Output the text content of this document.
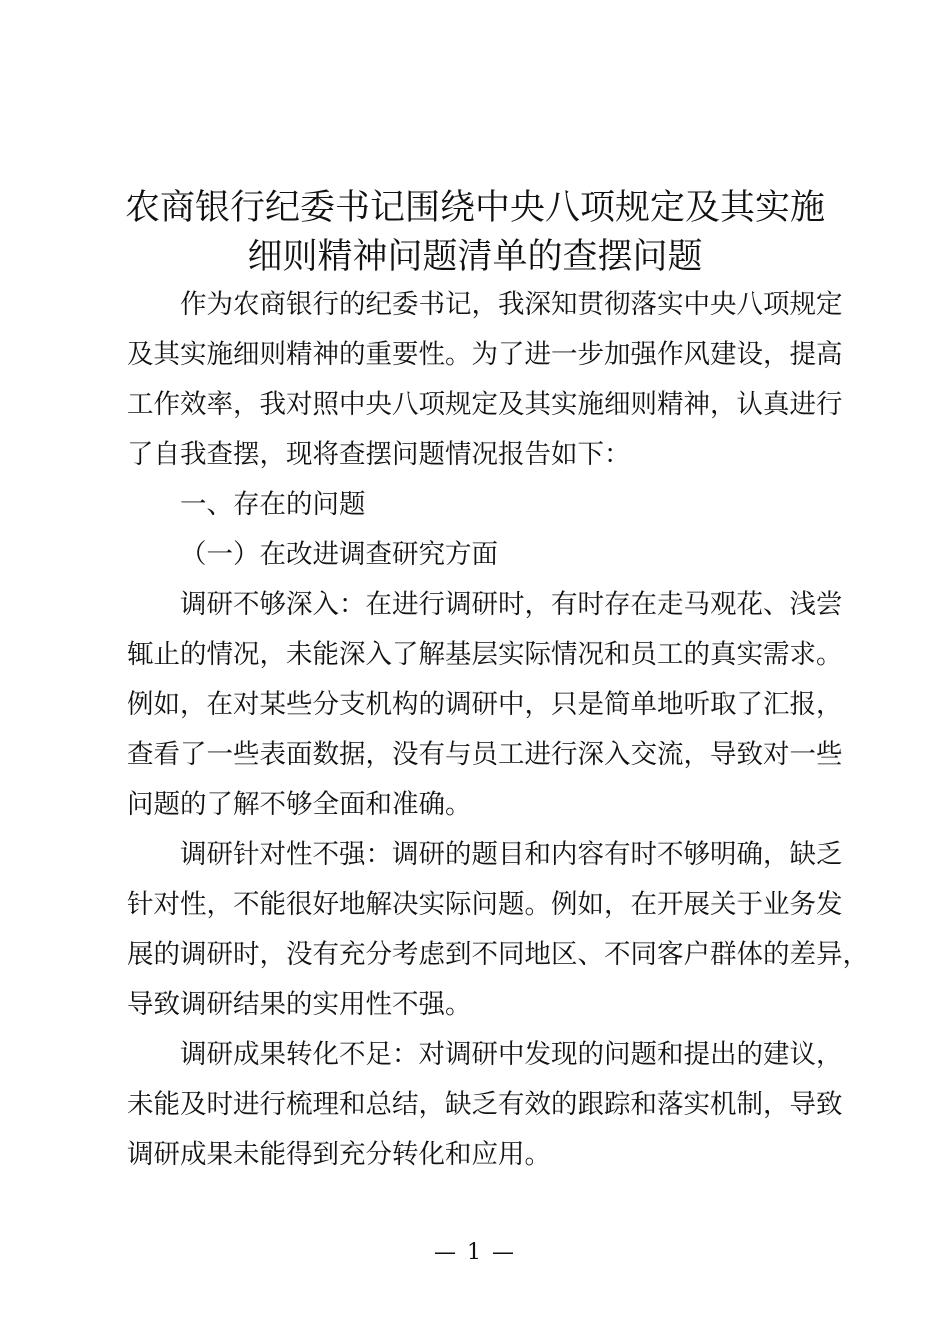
农商银行纪委书记围绕中央八项规定及其实施
细则精神问题清单的查摆问题
作为农商银行的纪委书记，我深知贯彻落实中央八项规定
及其实施细则精神的重要性。为了进一步加强作风建设，提高
工作效率，我对照中央八项规定及其实施细则精神，认真进行
了自我查摆，现将查摆问题情况报告如下：
一、存在的问题
（一）在改进调查研究方面
调研不够深入：在进行调研时，有时存在走马观花、浅尝
辄止的情况，未能深入了解基层实际情况和员工的真实需求。
例如，在对某些分支机构的调研中，只是简单地听取了汇报，
查看了一些表面数据，没有与员工进行深入交流，导致对一些
问题的了解不够全面和准确。
调研针对性不强：调研的题目和内容有时不够明确，缺乏
针对性，不能很好地解决实际问题。例如，在开展关于业务发
展的调研时，没有充分考虑到不同地区、不同客户群体的差异，
导致调研结果的实用性不强。
调研成果转化不足：对调研中发现的问题和提出的建议，
未能及时进行梳理和总结，缺乏有效的跟踪和落实机制，导致
调研成果未能得到充分转化和应用。
— 1 —
